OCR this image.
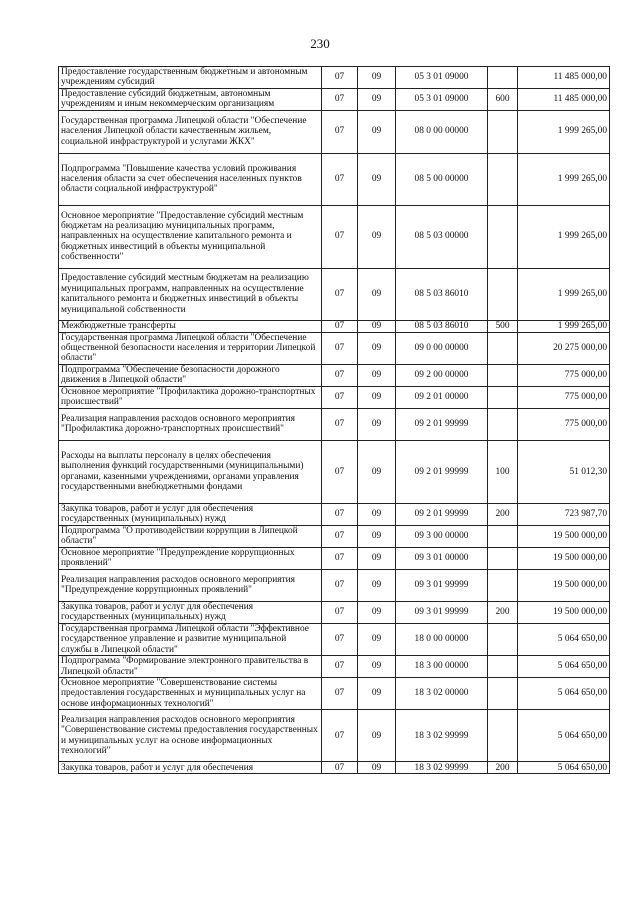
230
Предоставление государственным бюджетным и автономным учреждениям субсидий	07	09	05 3 01 09000		11 485 000,00
Предоставление субсидий бюджетным, автономным учреждениям и иным некоммерческим организациям	07	09	05 3 01 09000	600	11 485 000,00
Государственная программа Липецкой области "Обеспечение населения Липецкой области качественным жильем, социальной инфраструктурой и услугами ЖКХ"	07	09	08 0 00 00000		1 999 265,00
Подпрограмма "Повышение качества условий проживания населения области за счет обеспечения населенных пунктов области социальной инфраструктурой"	07	09	08 5 00 00000		1 999 265,00
Основное мероприятие "Предоставление субсидий местным бюджетам на реализацию муниципальных программ, направленных на осуществление капитального ремонта и бюджетных инвестиций в объекты муниципальной собственности"	07	09	08 5 03 00000		1 999 265,00
Предоставление субсидий местным бюджетам на реализацию муниципальных программ, направленных на осуществление капитального ремонта и бюджетных инвестиций в объекты муниципальной собственности	07	09	08 5 03 86010		1 999 265,00
Межбюджетные трансферты	07	09	08 5 03 86010	500	1 999 265,00
Государственная программа Липецкой области "Обеспечение общественной безопасности населения и территории Липецкой области"	07	09	09 0 00 00000		20 275 000,00
Подпрограмма "Обеспечение безопасности дорожного движения в Липецкой области"	07	09	09 2 00 00000		775 000,00
Основное мероприятие "Профилактика дорожно-транспортных происшествий"	07	09	09 2 01 00000		775 000,00
Реализация направления расходов основного мероприятия "Профилактика дорожно-транспортных происшествий"	07	09	09 2 01 99999		775 000,00
Расходы на выплаты персоналу в целях обеспечения выполнения функций государственными (муниципальными) органами, казенными учреждениями, органами управления государственными внебюджетными фондами	07	09	09 2 01 99999	100	51 012,30
Закупка товаров, работ и услуг для обеспечения государственных (муниципальных) нужд	07	09	09 2 01 99999	200	723 987,70
Подпрограмма "О противодействии коррупции в Липецкой области"	07	09	09 3 00 00000		19 500 000,00
Основное мероприятие "Предупреждение коррупционных проявлений"	07	09	09 3 01 00000		19 500 000,00
Реализация направления расходов основного мероприятия "Предупреждение коррупционных проявлений"	07	09	09 3 01 99999		19 500 000,00
Закупка товаров, работ и услуг для обеспечения государственных (муниципальных) нужд	07	09	09 3 01 99999	200	19 500 000,00
Государственная программа Липецкой области "Эффективное государственное управление и развитие муниципальной службы в Липецкой области"	07	09	18 0 00 00000		5 064 650,00
Подпрограмма "Формирование электронного правительства в Липецкой области"	07	09	18 3 00 00000		5 064 650,00
Основное мероприятие "Совершенствование системы предоставления государственных и муниципальных услуг на основе информационных технологий"	07	09	18 3 02 00000		5 064 650,00
Реализация направления расходов основного мероприятия "Совершенствование системы предоставления государственных и муниципальных услуг на основе информационных технологий"	07	09	18 3 02 99999		5 064 650,00
Закупка товаров, работ и услуг для обеспечения	07	09	18 3 02 99999	200	5 064 650,00
